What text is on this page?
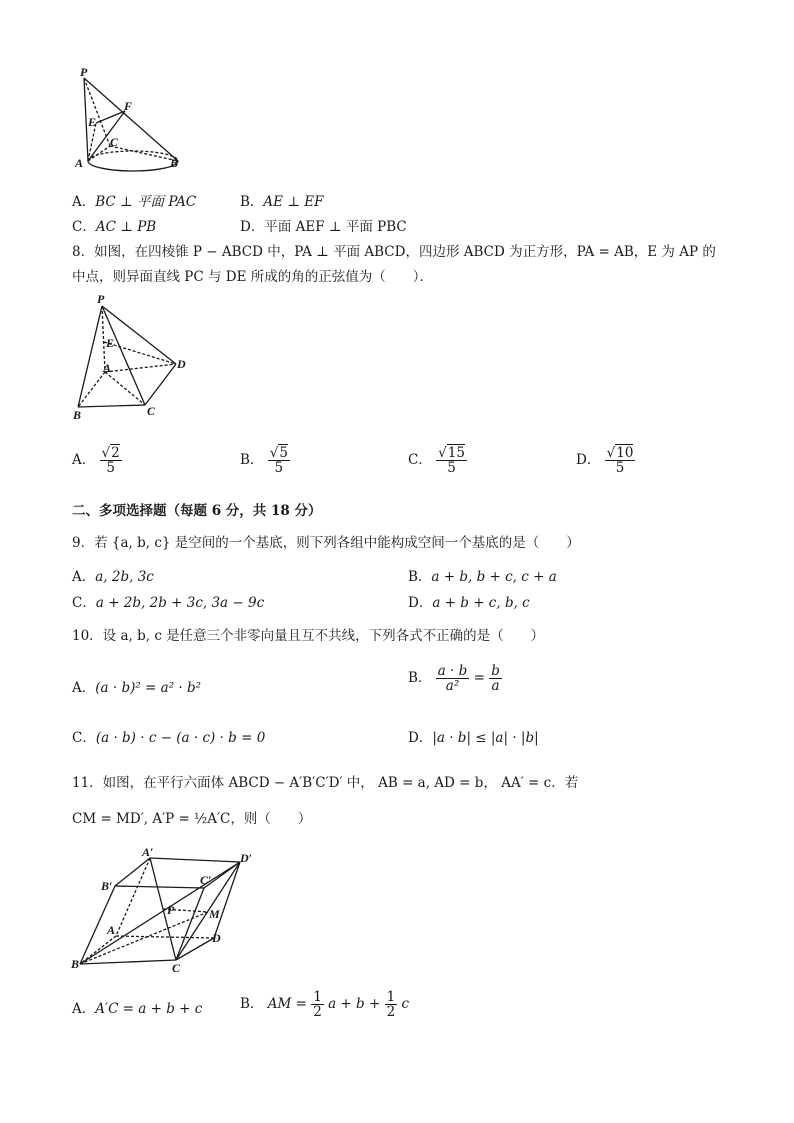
P
F
E
C
A	B
A．BC ⊥ 平面 PAC	B．AE ⊥ EF
C．AC ⊥ PB	D．平面 AEF ⊥ 平面 PBC
8．如图，在四棱锥 P − ABCD 中，PA ⊥ 平面 ABCD，四边形 ABCD 为正方形，PA = AB，E 为 AP 的
中点，则异面直线 PC 与 DE 所成的角的正弦值为（　　）．
P
E
A	D
B	C
A． $\frac{√2}{5}$	B． $\frac{√5}{5}$	C． $\frac{√15}{5}$	D． $\frac{√10}{5}$
二、多项选择题（每题 6 分，共 18 分）
9．若 {a, b, c} 是空间的一个基底，则下列各组中能构成空间一个基底的是（　　）
A．a, 2b, 3c	B．a + b, b + c, c + a
C．a + 2b, 2b + 3c, 3a − 9c	D．a + b + c, b, c
10．设 a, b, c 是任意三个非零向量且互不共线，下列各式不正确的是（　　）
A．(a · b)² = a² · b²
B． $\frac{a \cdot b}{\text{a²}} = \frac{b}{a}$
C．(a · b) · c − (a · c) · b = 0	D．|a · b| ≤ |a| · |b|
11．如图，在平行六面体 ABCD − A′B′C′D′ 中， AB = a, AD = b， AA′ = c．若
CM = MD′, A′P = ½A′C，则（　　）
A′	D′
B′	C′
P	M
A
D
B	C
A．A′C = a + b + c	B． AM = $\frac{1}{2}$ $a + b + \frac{1}{2}$ c
